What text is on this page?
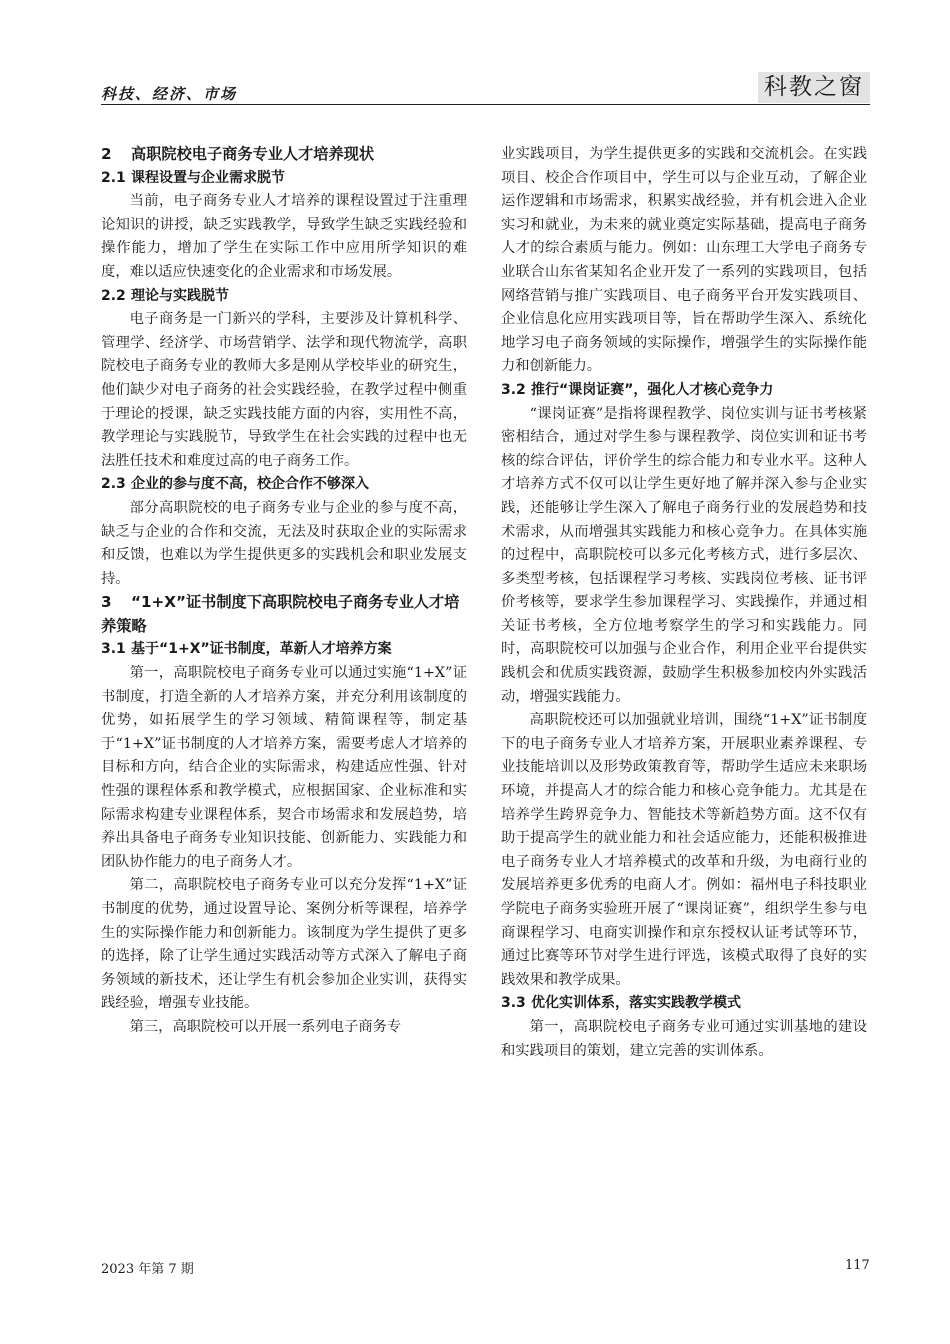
科技、经济、市场	科教之窗
2 高职院校电子商务专业人才培养现状
2.1 课程设置与企业需求脱节

当前，电子商务专业人才培养的课程设置过于注重理论知识的讲授，缺乏实践教学，导致学生缺乏实践经验和操作能力，增加了学生在实际工作中应用所学知识的难度，难以适应快速变化的企业需求和市场发展。

2.2 理论与实践脱节

电子商务是一门新兴的学科，主要涉及计算机科学、管理学、经济学、市场营销学、法学和现代物流学，高职院校电子商务专业的教师大多是刚从学校毕业的研究生，他们缺少对电子商务的社会实践经验，在教学过程中侧重于理论的授课，缺乏实践技能方面的内容，实用性不高，教学理论与实践脱节，导致学生在社会实践的过程中也无法胜任技术和难度过高的电子商务工作。

2.3 企业的参与度不高，校企合作不够深入

部分高职院校的电子商务专业与企业的参与度不高，缺乏与企业的合作和交流，无法及时获取企业的实际需求和反馈，也难以为学生提供更多的实践机会和职业发展支持。

3 “1+X”证书制度下高职院校电子商务专业人才培养策略
3.1 基于“1+X”证书制度，革新人才培养方案

第一，高职院校电子商务专业可以通过实施“1+X”证书制度，打造全新的人才培养方案，并充分利用该制度的优势，如拓展学生的学习领域、精简课程等，制定基于“1+X”证书制度的人才培养方案，需要考虑人才培养的目标和方向，结合企业的实际需求，构建适应性强、针对性强的课程体系和教学模式，应根据国家、企业标准和实际需求构建专业课程体系，契合市场需求和发展趋势，培养出具备电子商务专业知识技能、创新能力、实践能力和团队协作能力的电子商务人才。

第二，高职院校电子商务专业可以充分发挥“1+X”证书制度的优势，通过设置导论、案例分析等课程，培养学生的实际操作能力和创新能力。该制度为学生提供了更多的选择，除了让学生通过实践活动等方式深入了解电子商务领域的新技术，还让学生有机会参加企业实训，获得实践经验，增强专业技能。

第三，高职院校可以开展一系列电子商务专

业实践项目，为学生提供更多的实践和交流机会。在实践项目、校企合作项目中，学生可以与企业互动，了解企业运作逻辑和市场需求，积累实战经验，并有机会进入企业实习和就业，为未来的就业奠定实际基础，提高电子商务人才的综合素质与能力。例如：山东理工大学电子商务专业联合山东省某知名企业开发了一系列的实践项目，包括网络营销与推广实践项目、电子商务平台开发实践项目、企业信息化应用实践项目等，旨在帮助学生深入、系统化地学习电子商务领域的实际操作，增强学生的实际操作能力和创新能力。

3.2 推行“课岗证赛”，强化人才核心竞争力

“课岗证赛”是指将课程教学、岗位实训与证书考核紧密相结合，通过对学生参与课程教学、岗位实训和证书考核的综合评估，评价学生的综合能力和专业水平。这种人才培养方式不仅可以让学生更好地了解并深入参与企业实践，还能够让学生深入了解电子商务行业的发展趋势和技术需求，从而增强其实践能力和核心竞争力。在具体实施的过程中，高职院校可以多元化考核方式，进行多层次、多类型考核，包括课程学习考核、实践岗位考核、证书评价考核等，要求学生参加课程学习、实践操作，并通过相关证书考核，全方位地考察学生的学习和实践能力。同时，高职院校可以加强与企业合作，利用企业平台提供实践机会和优质实践资源，鼓励学生积极参加校内外实践活动，增强实践能力。

高职院校还可以加强就业培训，围绕“1+X”证书制度下的电子商务专业人才培养方案，开展职业素养课程、专业技能培训以及形势政策教育等，帮助学生适应未来职场环境，并提高人才的综合能力和核心竞争能力。尤其是在培养学生跨界竞争力、智能技术等新趋势方面。这不仅有助于提高学生的就业能力和社会适应能力，还能积极推进电子商务专业人才培养模式的改革和升级，为电商行业的发展培养更多优秀的电商人才。例如：福州电子科技职业学院电子商务实验班开展了“课岗证赛”，组织学生参与电商课程学习、电商实训操作和京东授权认证考试等环节，通过比赛等环节对学生进行评选，该模式取得了良好的实践效果和教学成果。

3.3 优化实训体系，落实实践教学模式

第一，高职院校电子商务专业可通过实训基地的建设和实践项目的策划，建立完善的实训体系。

2023 年第 7 期	117
